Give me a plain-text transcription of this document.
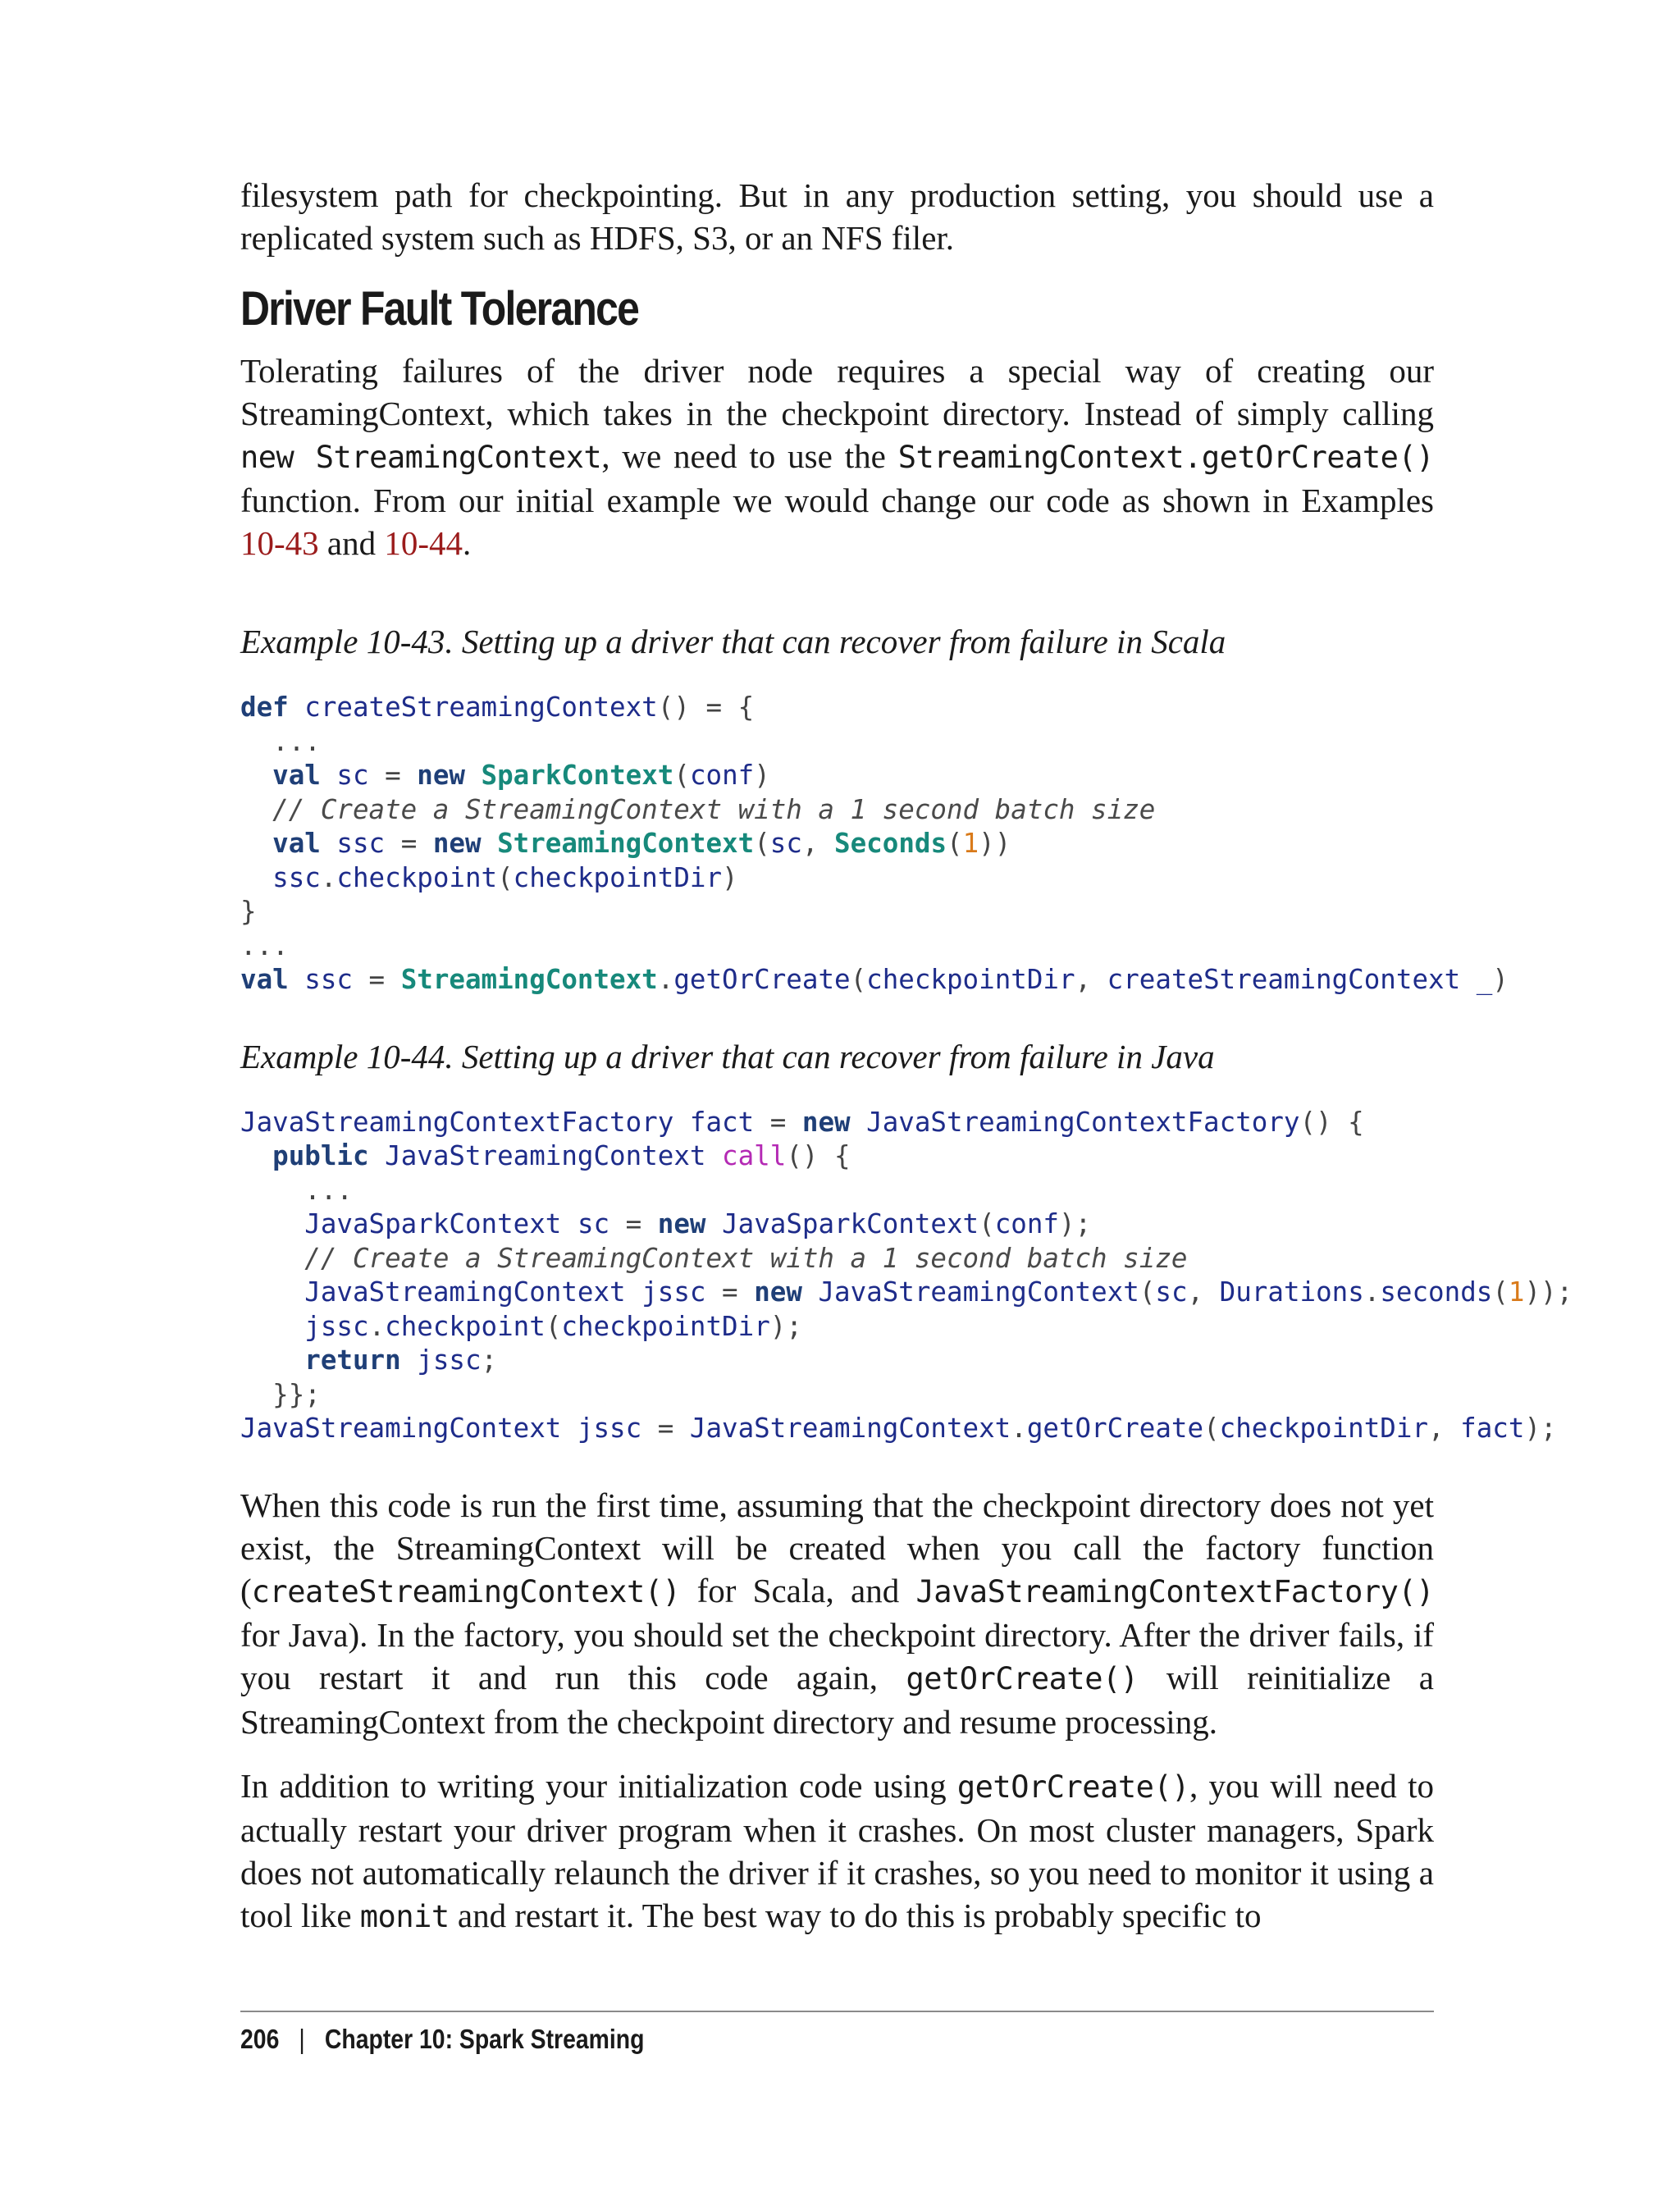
filesystem path for checkpointing. But in any production setting, you should use a replicated system such as HDFS, S3, or an NFS filer.

Driver Fault Tolerance

Tolerating failures of the driver node requires a special way of creating our StreamingContext, which takes in the checkpoint directory. Instead of simply calling new StreamingContext, we need to use the StreamingContext.getOrCreate() function. From our initial example we would change our code as shown in Examples 10-43 and 10-44.

Example 10-43. Setting up a driver that can recover from failure in Scala
def createStreamingContext() = {
...
val sc = new SparkContext(conf)
// Create a StreamingContext with a 1 second batch size
val ssc = new StreamingContext(sc, Seconds(1))
ssc.checkpoint(checkpointDir)
}
...
val ssc = StreamingContext.getOrCreate(checkpointDir, createStreamingContext _)
Example 10-44. Setting up a driver that can recover from failure in Java
JavaStreamingContextFactory fact = new JavaStreamingContextFactory() {
public JavaStreamingContext call() {
...
JavaSparkContext sc = new JavaSparkContext(conf);
// Create a StreamingContext with a 1 second batch size
JavaStreamingContext jssc = new JavaStreamingContext(sc, Durations.seconds(1));
jssc.checkpoint(checkpointDir);
return jssc;
}};
JavaStreamingContext jssc = JavaStreamingContext.getOrCreate(checkpointDir, fact);

When this code is run the first time, assuming that the checkpoint directory does not yet exist, the StreamingContext will be created when you call the factory function (createStreamingContext() for Scala, and JavaStreamingContextFactory() for Java). In the factory, you should set the checkpoint directory. After the driver fails, if you restart it and run this code again, getOrCreate() will reinitialize a StreamingContext from the checkpoint directory and resume processing.

In addition to writing your initialization code using getOrCreate(), you will need to actually restart your driver program when it crashes. On most cluster managers, Spark does not automatically relaunch the driver if it crashes, so you need to monitor it using a tool like monit and restart it. The best way to do this is probably specific to

206 | Chapter 10: Spark Streaming
